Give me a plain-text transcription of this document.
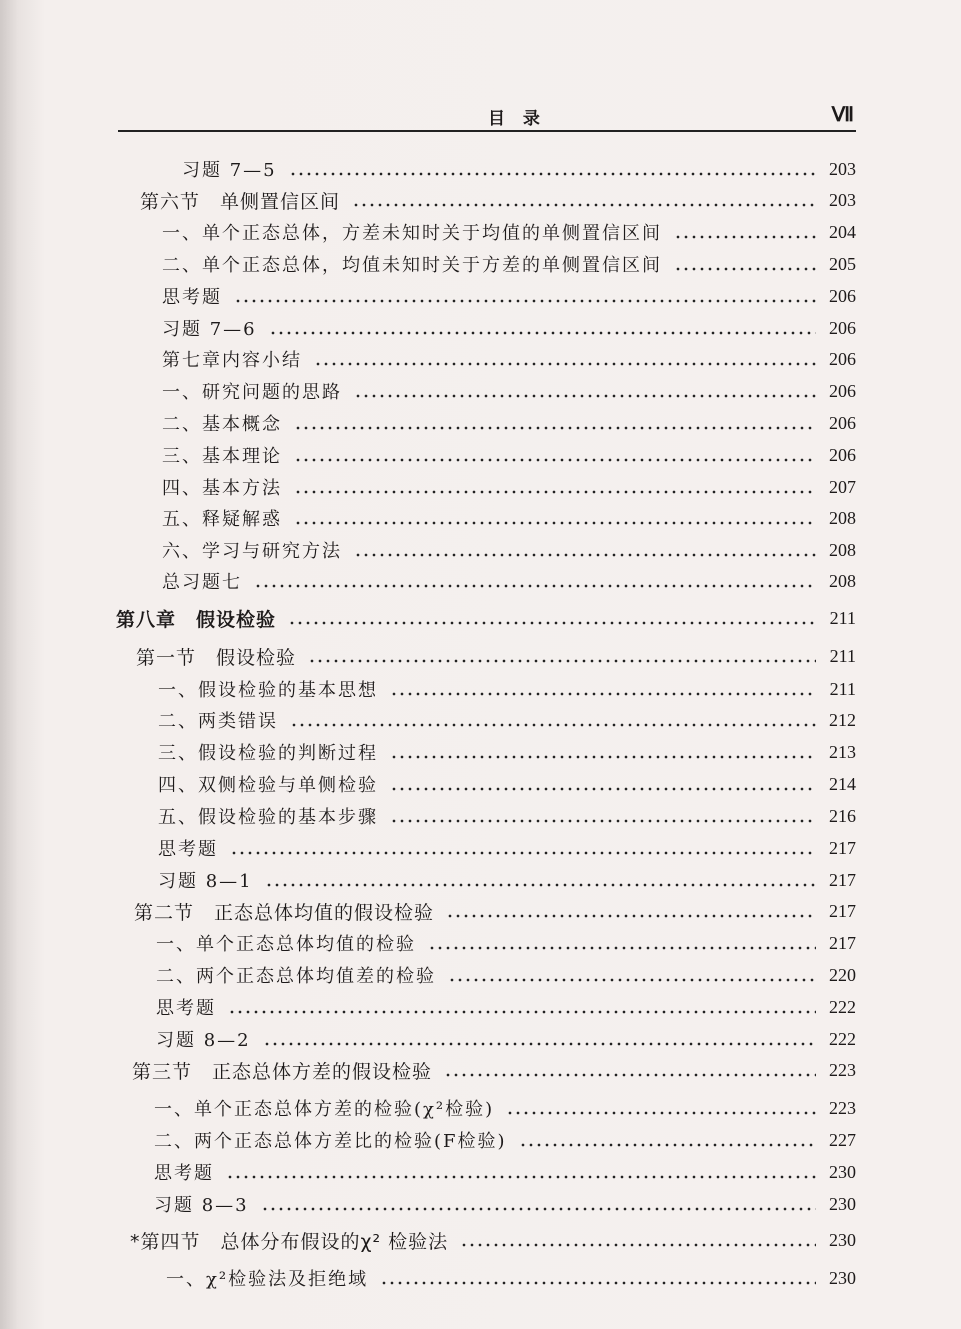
目 录	Ⅶ
习题 7—5	203
第六节　单侧置信区间	203
一、单个正态总体，方差未知时关于均值的单侧置信区间	204
二、单个正态总体，均值未知时关于方差的单侧置信区间	205
思考题	206
习题 7—6	206
第七章内容小结	206
一、研究问题的思路	206
二、基本概念	206
三、基本理论	206
四、基本方法	207
五、释疑解惑	208
六、学习与研究方法	208
总习题七	208
第八章　假设检验	211
第一节　假设检验	211
一、假设检验的基本思想	211
二、两类错误	212
三、假设检验的判断过程	213
四、双侧检验与单侧检验	214
五、假设检验的基本步骤	216
思考题	217
习题 8—1	217
第二节　正态总体均值的假设检验	217
一、单个正态总体均值的检验	217
二、两个正态总体均值差的检验	220
思考题	222
习题 8—2	222
第三节　正态总体方差的假设检验	223
一、单个正态总体方差的检验(χ²检验)	223
二、两个正态总体方差比的检验(F检验)	227
思考题	230
习题 8—3	230
*第四节　总体分布假设的χ² 检验法	230
一、χ²检验法及拒绝域	230
